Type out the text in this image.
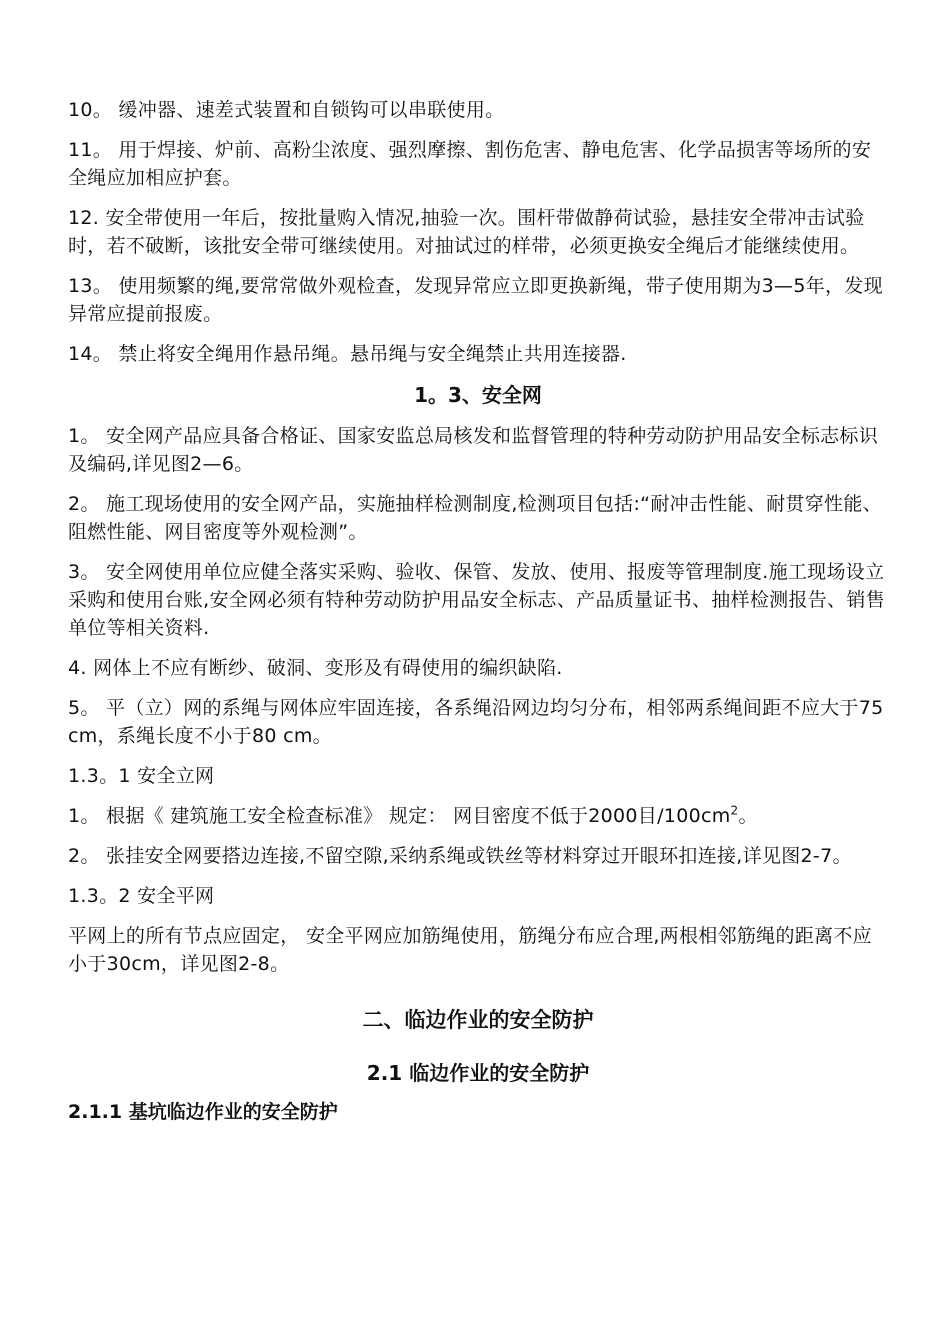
10。 缓冲器、速差式装置和自锁钩可以串联使用。

11。 用于焊接、炉前、高粉尘浓度、强烈摩擦、割伤危害、静电危害、化学品损害等场所的安全绳应加相应护套。

12. 安全带使用一年后，按批量购入情况,抽验一次。围杆带做静荷试验，悬挂安全带冲击试验时，若不破断，该批安全带可继续使用。对抽试过的样带，必须更换安全绳后才能继续使用。

13。 使用频繁的绳,要常常做外观检查，发现异常应立即更换新绳，带子使用期为3—5年，发现异常应提前报废。

14。 禁止将安全绳用作悬吊绳。悬吊绳与安全绳禁止共用连接器.

1。3、安全网

1。 安全网产品应具备合格证、国家安监总局核发和监督管理的特种劳动防护用品安全标志标识及编码,详见图2—6。

2。 施工现场使用的安全网产品，实施抽样检测制度,检测项目包括:“耐冲击性能、耐贯穿性能、阻燃性能、网目密度等外观检测”。

3。 安全网使用单位应健全落实采购、验收、保管、发放、使用、报废等管理制度.施工现场设立采购和使用台账,安全网必须有特种劳动防护用品安全标志、产品质量证书、抽样检测报告、销售单位等相关资料.

4. 网体上不应有断纱、破洞、变形及有碍使用的编织缺陷.

5。 平（立）网的系绳与网体应牢固连接，各系绳沿网边均匀分布，相邻两系绳间距不应大于75 cm，系绳长度不小于80 cm。

1.3。1 安全立网

1。 根据《 建筑施工安全检查标准》 规定： 网目密度不低于2000目$/100cm^2$。

2。 张挂安全网要搭边连接,不留空隙,采纳系绳或铁丝等材料穿过开眼环扣连接,详见图2-7。

1.3。2 安全平网

平网上的所有节点应固定， 安全平网应加筋绳使用，筋绳分布应合理,两根相邻筋绳的距离不应小于30cm，详见图2-8。

二、临边作业的安全防护
2.1 临边作业的安全防护
2.1.1 基坑临边作业的安全防护
